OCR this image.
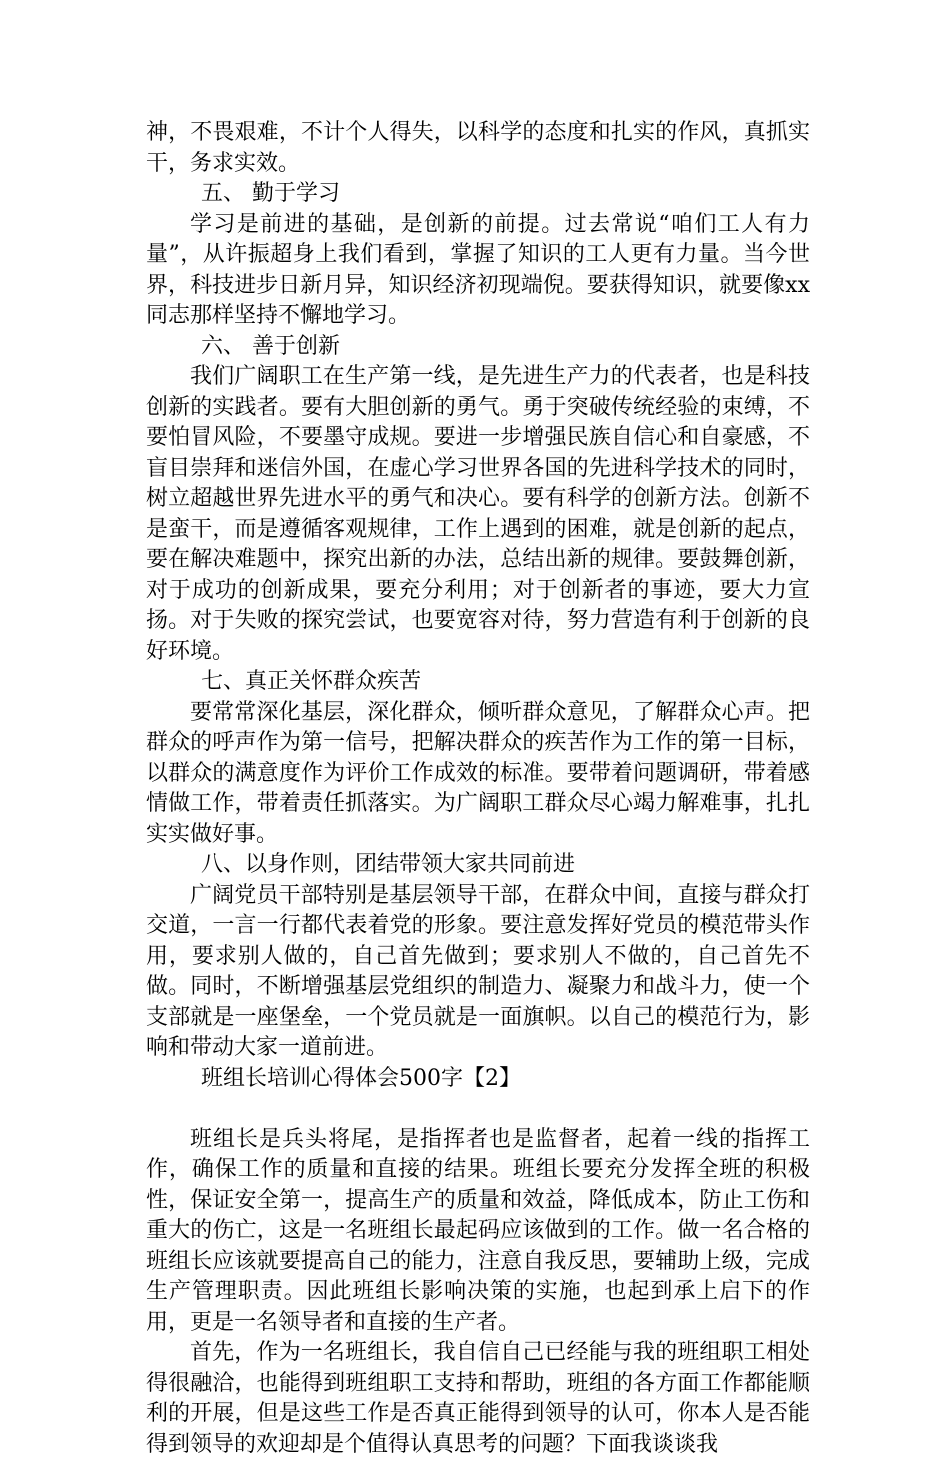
神，不畏艰难，不计个人得失，以科学的态度和扎实的作风，真抓实干，务求实效。

五、 勤于学习

学习是前进的基础，是创新的前提。过去常说“咱们工人有力量”，从许振超身上我们看到，掌握了知识的工人更有力量。当今世界，科技进步日新月异，知识经济初现端倪。要获得知识，就要像xx同志那样坚持不懈地学习。

六、 善于创新

我们广阔职工在生产第一线，是先进生产力的代表者，也是科技创新的实践者。要有大胆创新的勇气。勇于突破传统经验的束缚，不要怕冒风险，不要墨守成规。要进一步增强民族自信心和自豪感，不盲目崇拜和迷信外国，在虚心学习世界各国的先进科学技术的同时，树立超越世界先进水平的勇气和决心。要有科学的创新方法。创新不是蛮干，而是遵循客观规律，工作上遇到的困难，就是创新的起点，要在解决难题中，探究出新的办法，总结出新的规律。要鼓舞创新，对于成功的创新成果，要充分利用；对于创新者的事迹，要大力宣扬。对于失败的探究尝试，也要宽容对待，努力营造有利于创新的良好环境。

七、真正关怀群众疾苦

要常常深化基层，深化群众，倾听群众意见，了解群众心声。把群众的呼声作为第一信号，把解决群众的疾苦作为工作的第一目标，以群众的满意度作为评价工作成效的标准。要带着问题调研，带着感情做工作，带着责任抓落实。为广阔职工群众尽心竭力解难事，扎扎实实做好事。

八、以身作则，团结带领大家共同前进

广阔党员干部特别是基层领导干部，在群众中间，直接与群众打交道，一言一行都代表着党的形象。要注意发挥好党员的模范带头作用，要求别人做的，自己首先做到；要求别人不做的，自己首先不做。同时，不断增强基层党组织的制造力、凝聚力和战斗力，使一个支部就是一座堡垒，一个党员就是一面旗帜。以自己的模范行为，影响和带动大家一道前进。

班组长培训心得体会500字【2】

班组长是兵头将尾，是指挥者也是监督者，起着一线的指挥工作，确保工作的质量和直接的结果。班组长要充分发挥全班的积极性，保证安全第一，提高生产的质量和效益，降低成本，防止工伤和重大的伤亡，这是一名班组长最起码应该做到的工作。做一名合格的班组长应该就要提高自己的能力，注意自我反思，要辅助上级，完成生产管理职责。因此班组长影响决策的实施，也起到承上启下的作用，更是一名领导者和直接的生产者。

首先，作为一名班组长，我自信自己已经能与我的班组职工相处得很融洽，也能得到班组职工支持和帮助，班组的各方面工作都能顺利的开展，但是这些工作是否真正能得到领导的认可，你本人是否能得到领导的欢迎却是个值得认真思考的问题？下面我谈谈我
